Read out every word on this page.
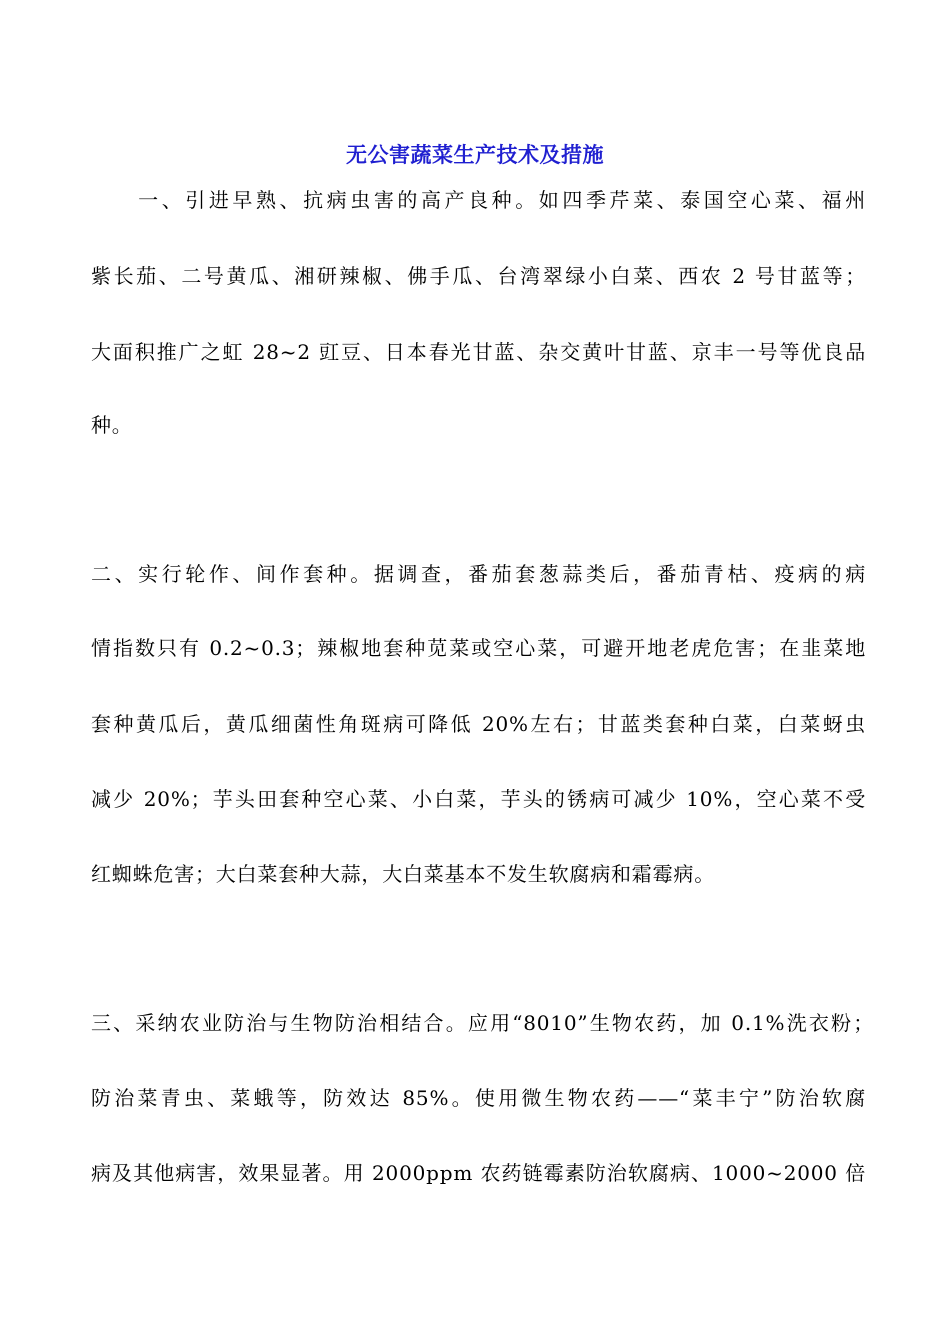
无公害蔬菜生产技术及措施
　　一、引进早熟、抗病虫害的高产良种。如四季芹菜、泰国空心菜、福州
紫长茄、二号黄瓜、湘研辣椒、佛手瓜、台湾翠绿小白菜、西农 2 号甘蓝等；
大面积推广之虹 28~2 豇豆、日本春光甘蓝、杂交黄叶甘蓝、京丰一号等优良品
种。
二、实行轮作、间作套种。据调查，番茄套葱蒜类后，番茄青枯、疫病的病
情指数只有 0.2~0.3；辣椒地套种苋菜或空心菜，可避开地老虎危害；在韭菜地
套种黄瓜后，黄瓜细菌性角斑病可降低 20%左右；甘蓝类套种白菜，白菜蚜虫
减少 20%；芋头田套种空心菜、小白菜，芋头的锈病可减少 10%，空心菜不受
红蜘蛛危害；大白菜套种大蒜，大白菜基本不发生软腐病和霜霉病。
三、采纳农业防治与生物防治相结合。应用“8010”生物农药，加 0.1%洗衣粉；
防治菜青虫、菜蛾等，防效达 85%。使用微生物农药——“菜丰宁”防治软腐
病及其他病害，效果显著。用 2000ppm 农药链霉素防治软腐病、1000~2000 倍
